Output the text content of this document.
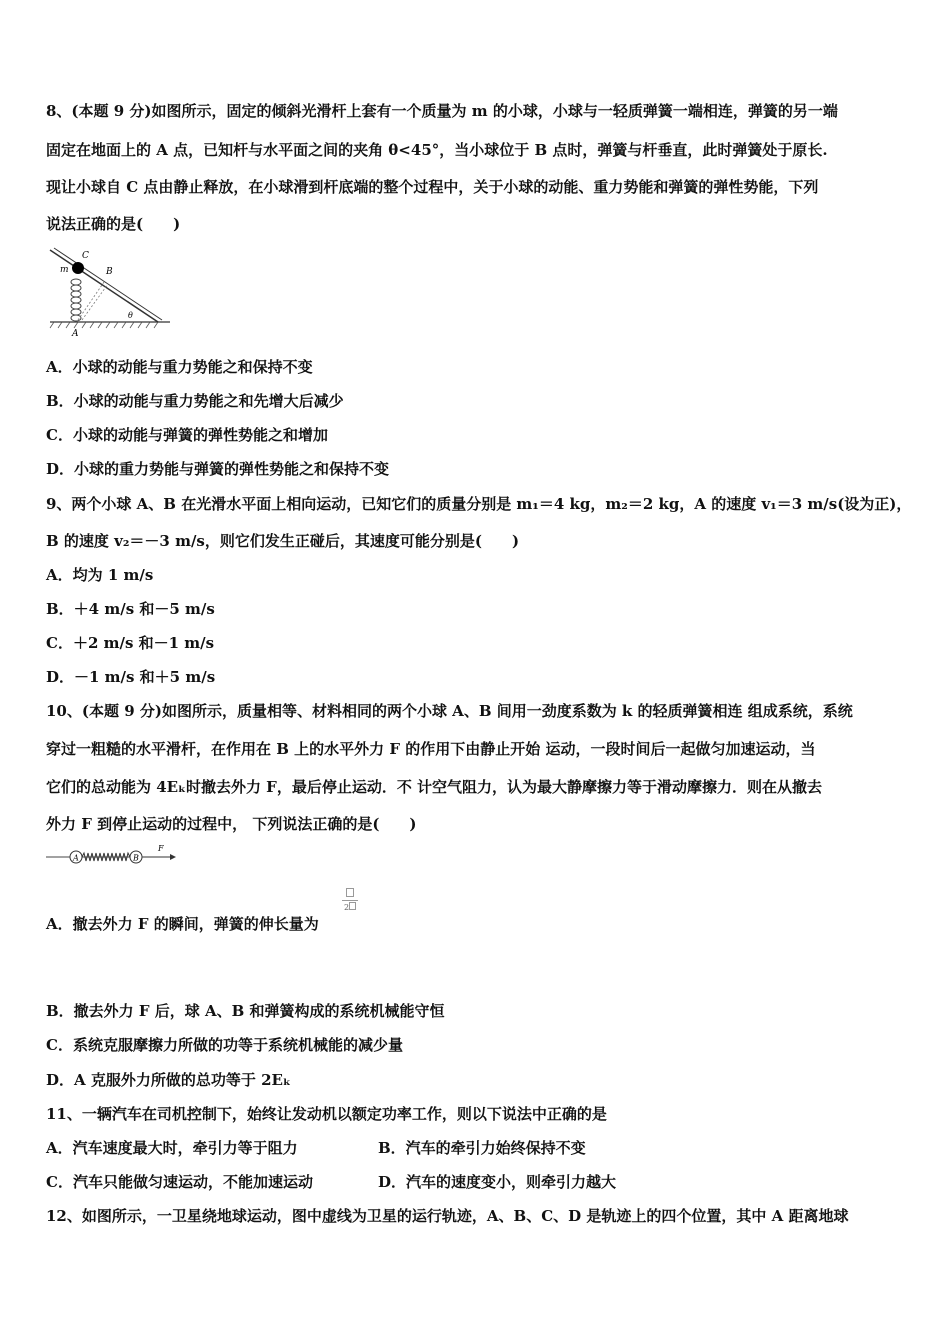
8、(本题 9 分)如图所示，固定的倾斜光滑杆上套有一个质量为 m 的小球，小球与一轻质弹簧一端相连，弹簧的另一端
固定在地面上的 A 点，已知杆与水平面之间的夹角 θ<45°，当小球位于 B 点时，弹簧与杆垂直，此时弹簧处于原长.
现让小球自 C 点由静止释放，在小球滑到杆底端的整个过程中，关于小球的动能、重力势能和弹簧的弹性势能，下列
说法正确的是(　　)
m
C
B
A
θ
A．小球的动能与重力势能之和保持不变
B．小球的动能与重力势能之和先增大后减少
C．小球的动能与弹簧的弹性势能之和增加
D．小球的重力势能与弹簧的弹性势能之和保持不变
9、两个小球 A、B 在光滑水平面上相向运动，已知它们的质量分别是 m₁＝4 kg，m₂＝2 kg，A 的速度 v₁＝3 m/s(设为正)，
B 的速度 v₂＝－3 m/s，则它们发生正碰后，其速度可能分别是(　　)
A．均为 1 m/s
B．＋4 m/s 和－5 m/s
C．＋2 m/s 和－1 m/s
D．－1 m/s 和＋5 m/s
10、(本题 9 分)如图所示，质量相等、材料相同的两个小球 A、B 间用一劲度系数为 k 的轻质弹簧相连 组成系统，系统
穿过一粗糙的水平滑杆，在作用在 B 上的水平外力 F 的作用下由静止开始 运动，一段时间后一起做匀加速运动，当
它们的总动能为 4Eₖ时撤去外力 F，最后停止运动．不 计空气阻力，认为最大静摩擦力等于滑动摩擦力．则在从撤去
外力 F 到停止运动的过程中， 下列说法正确的是(　　)
A	B
F
A．撤去外力 F 的瞬间，弹簧的伸长量为
2
B．撤去外力 F 后，球 A、B 和弹簧构成的系统机械能守恒
C．系统克服摩擦力所做的功等于系统机械能的减少量
D．A 克服外力所做的总功等于 2Eₖ
11、一辆汽车在司机控制下，始终让发动机以额定功率工作，则以下说法中正确的是
A．汽车速度最大时，牵引力等于阻力	B．汽车的牵引力始终保持不变
C．汽车只能做匀速运动，不能加速运动	D．汽车的速度变小，则牵引力越大
12、如图所示，一卫星绕地球运动，图中虚线为卫星的运行轨迹，A、B、C、D 是轨迹上的四个位置，其中 A 距离地球
